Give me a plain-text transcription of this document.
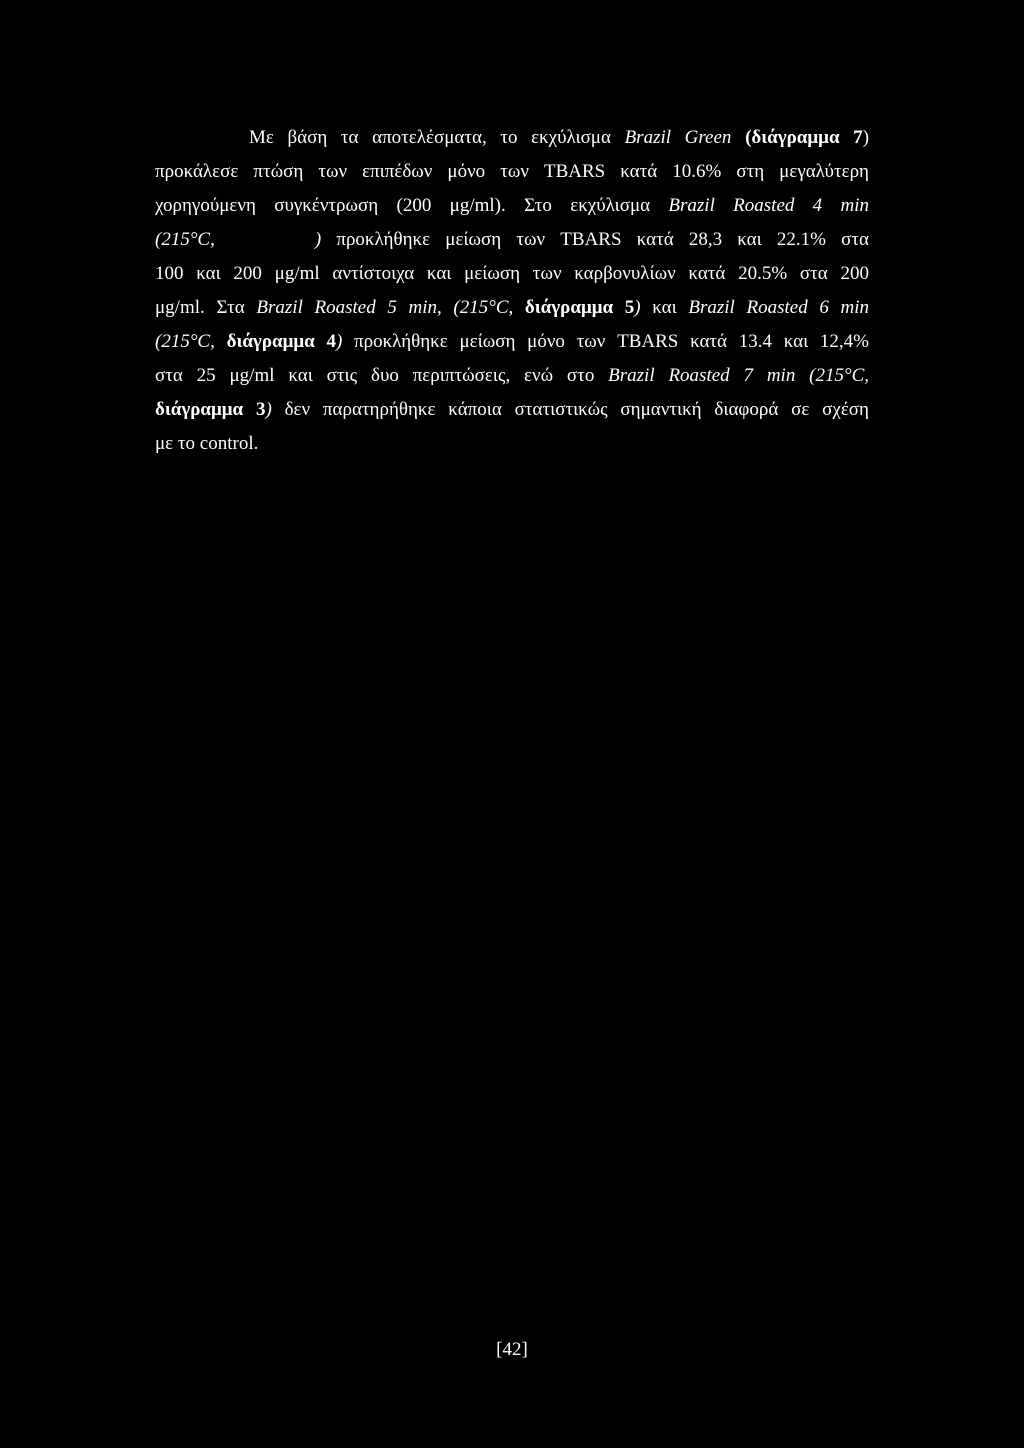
Με βάση τα αποτελέσματα, το εκχύλισμα Brazil Green (διάγραμμα 7)
προκάλεσε πτώση των επιπέδων μόνο των TBARS κατά 10.6% στη μεγαλύτερη
χορηγούμενη συγκέντρωση (200 μg/ml). Στο εκχύλισμα Brazil Roasted 4 min
(215°C,	) προκλήθηκε μείωση των TBARS κατά 28,3 και 22.1% στα
100 και 200 μg/ml αντίστοιχα και μείωση των καρβονυλίων κατά 20.5% στα 200
μg/ml. Στα Brazil Roasted 5 min, (215°C, διάγραμμα 5) και Brazil Roasted 6 min
(215°C, διάγραμμα 4) προκλήθηκε μείωση μόνο των TBARS κατά 13.4 και 12,4%
στα 25 μg/ml και στις δυο περιπτώσεις, ενώ στο Brazil Roasted 7 min (215°C,
διάγραμμα 3) δεν παρατηρήθηκε κάποια στατιστικώς σημαντική διαφορά σε σχέση
με το control.
[42]
